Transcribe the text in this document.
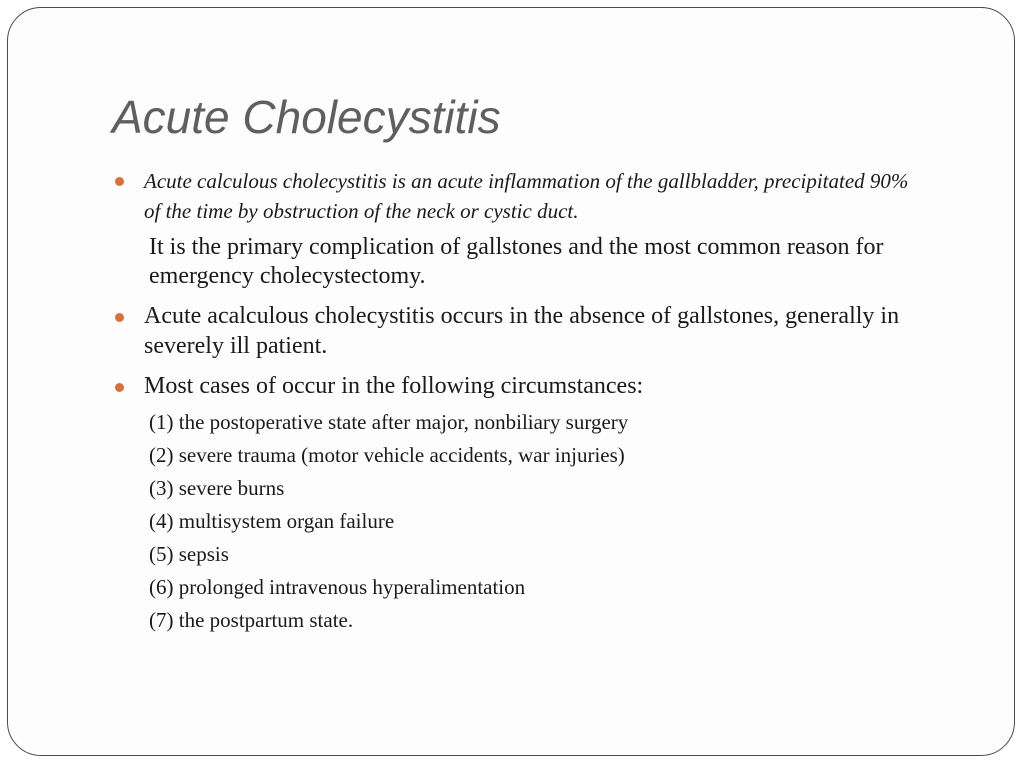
Acute Cholecystitis
Acute calculous cholecystitis is an acute inflammation of the gallbladder, precipitated 90% of the time by obstruction of the neck or cystic duct.
It is the primary complication of gallstones and the most common reason for emergency cholecystectomy.
Acute acalculous cholecystitis occurs in the absence of gallstones, generally in severely ill patient.
Most cases of occur in the following circumstances:
(1) the postoperative state after major, nonbiliary surgery
(2) severe trauma (motor vehicle accidents, war injuries)
(3) severe burns
(4) multisystem organ failure
(5) sepsis
(6) prolonged intravenous hyperalimentation
(7) the postpartum state.
